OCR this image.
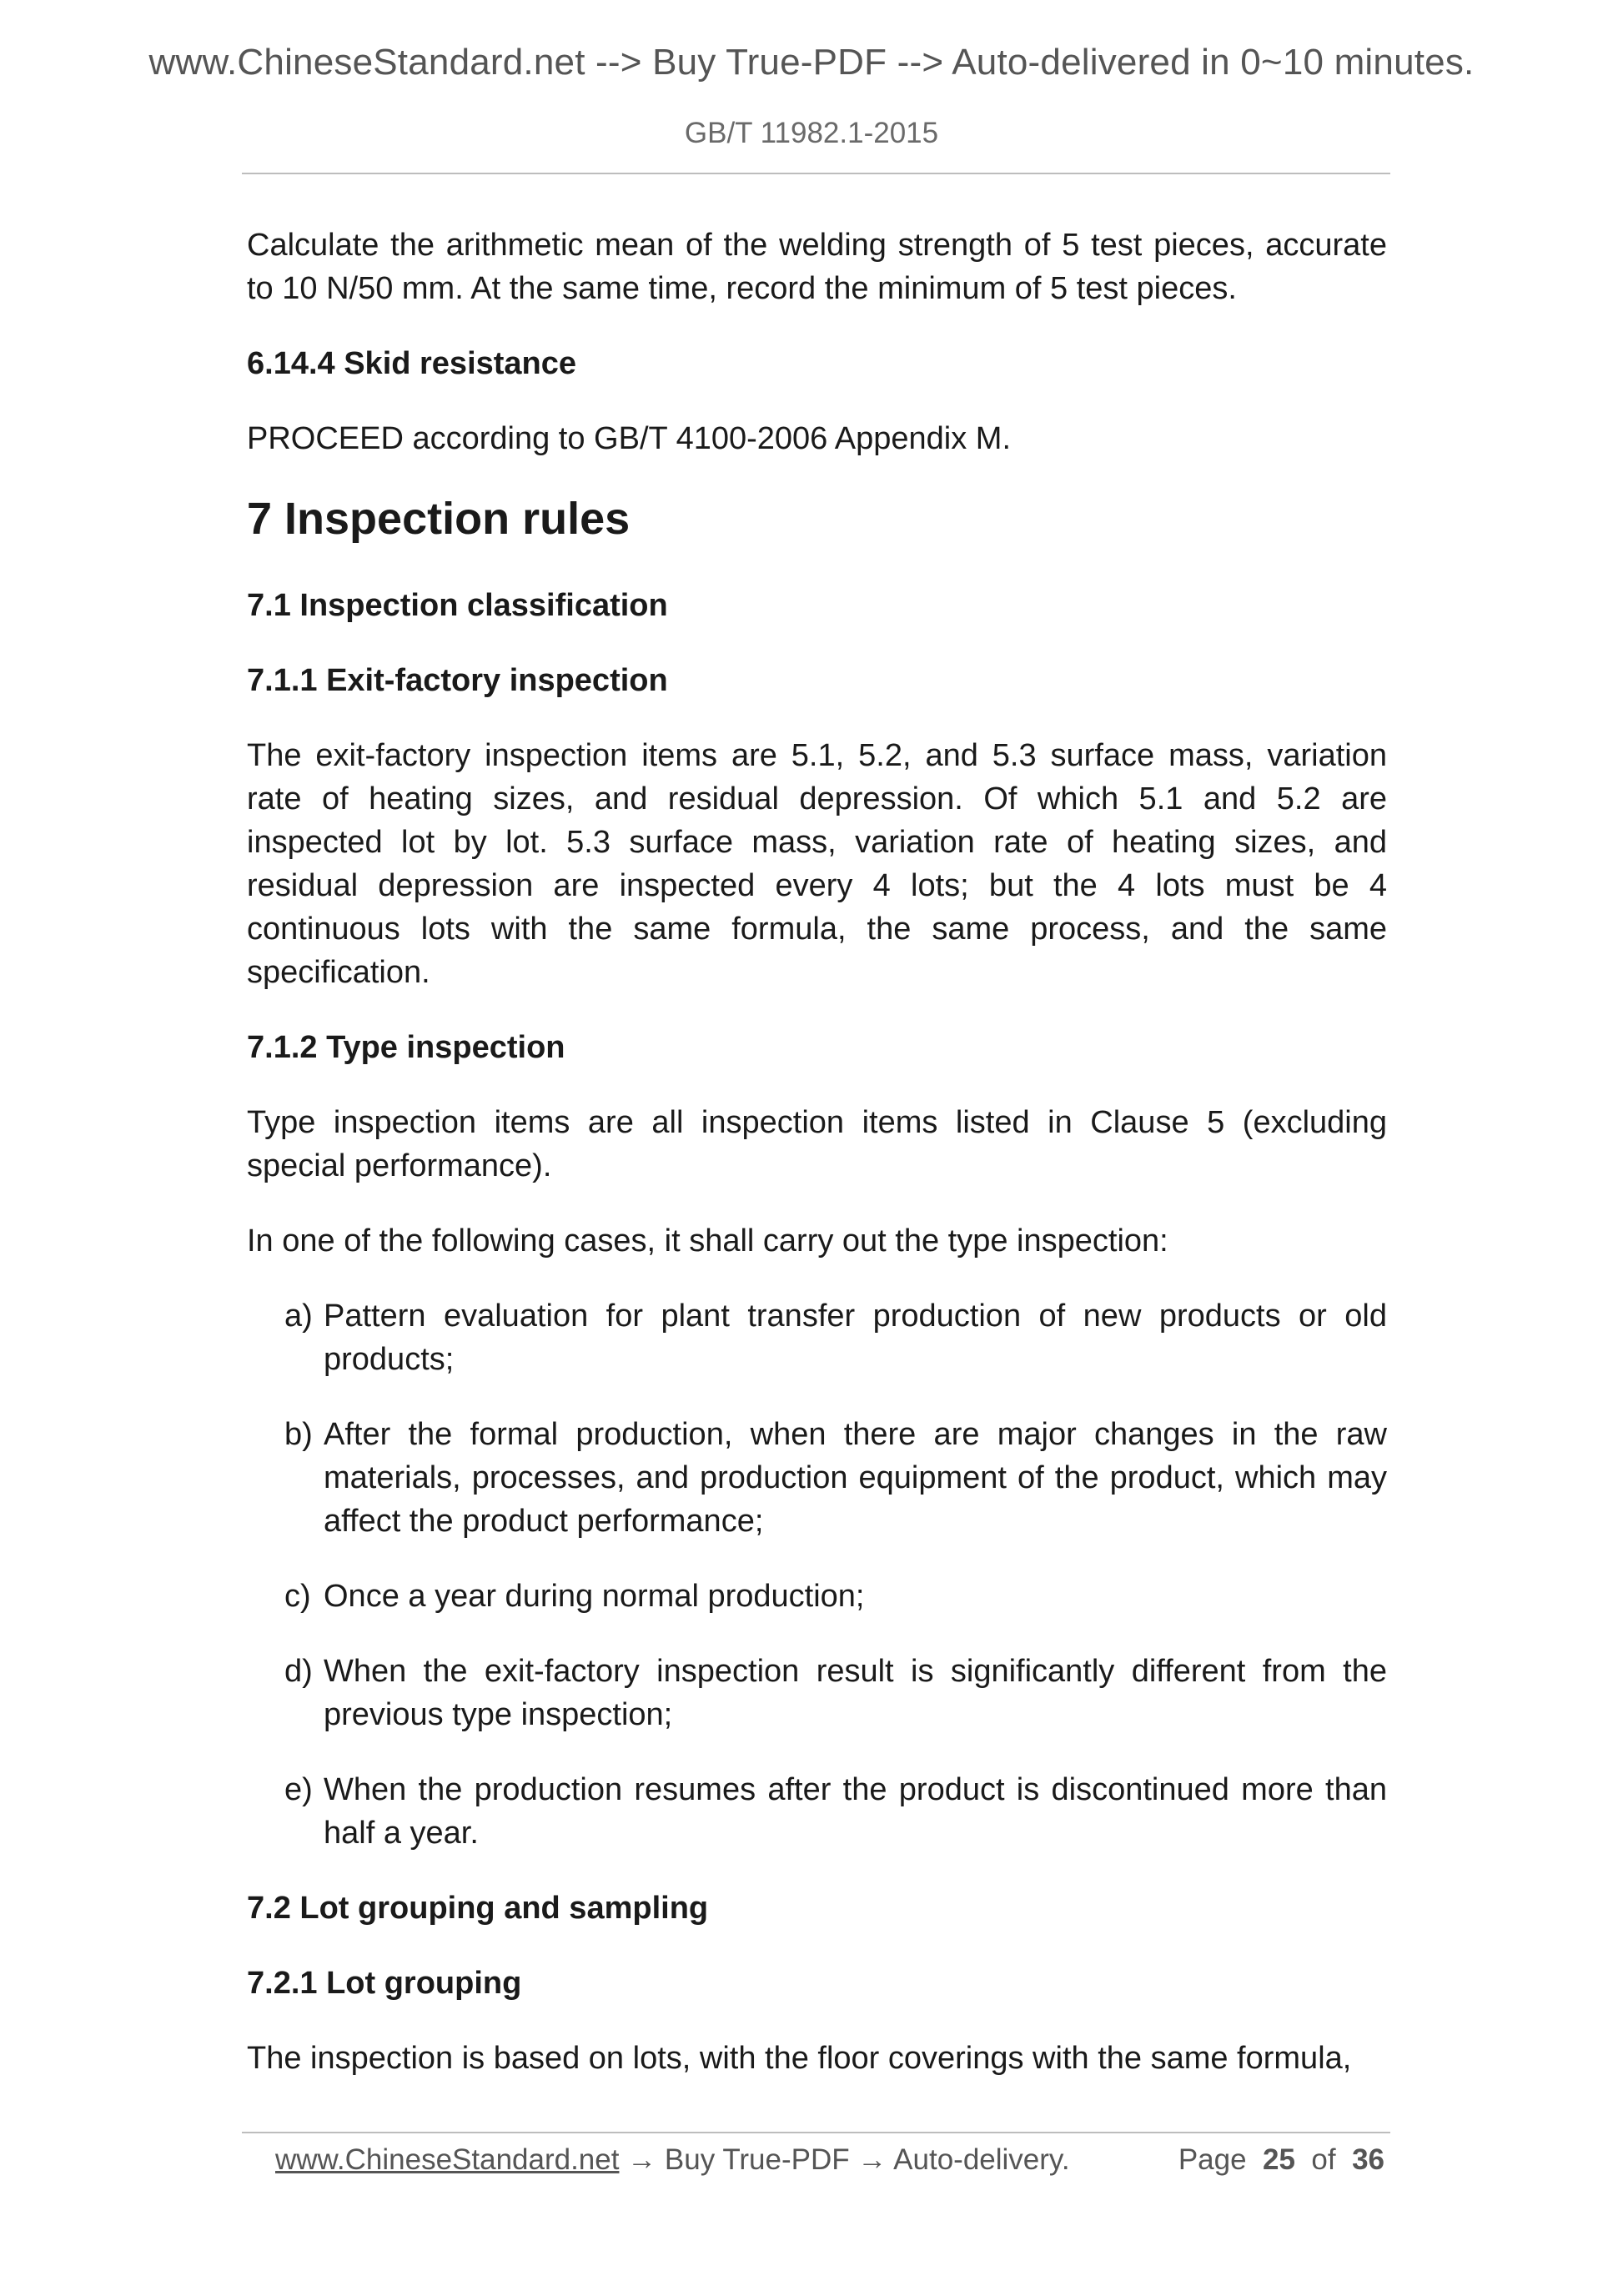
www.ChineseStandard.net --> Buy True-PDF --> Auto-delivered in 0~10 minutes.
GB/T 11982.1-2015

Calculate the arithmetic mean of the welding strength of 5 test pieces, accurate to 10 N/50 mm. At the same time, record the minimum of 5 test pieces.

6.14.4 Skid resistance

PROCEED according to GB/T 4100-2006 Appendix M.

7 Inspection rules
7.1 Inspection classification
7.1.1 Exit-factory inspection

The exit-factory inspection items are 5.1, 5.2, and 5.3 surface mass, variation rate of heating sizes, and residual depression. Of which 5.1 and 5.2 are inspected lot by lot. 5.3 surface mass, variation rate of heating sizes, and residual depression are inspected every 4 lots; but the 4 lots must be 4 continuous lots with the same formula, the same process, and the same specification.

7.1.2 Type inspection

Type inspection items are all inspection items listed in Clause 5 (excluding special performance).

In one of the following cases, it shall carry out the type inspection:

a) Pattern evaluation for plant transfer production of new products or old products;
b) After the formal production, when there are major changes in the raw materials, processes, and production equipment of the product, which may affect the product performance;
c) Once a year during normal production;
d) When the exit-factory inspection result is significantly different from the previous type inspection;
e) When the production resumes after the product is discontinued more than half a year.
7.2 Lot grouping and sampling
7.2.1 Lot grouping

The inspection is based on lots, with the floor coverings with the same formula,

www.ChineseStandard.net → Buy True-PDF → Auto-delivery.	Page 25 of 36
